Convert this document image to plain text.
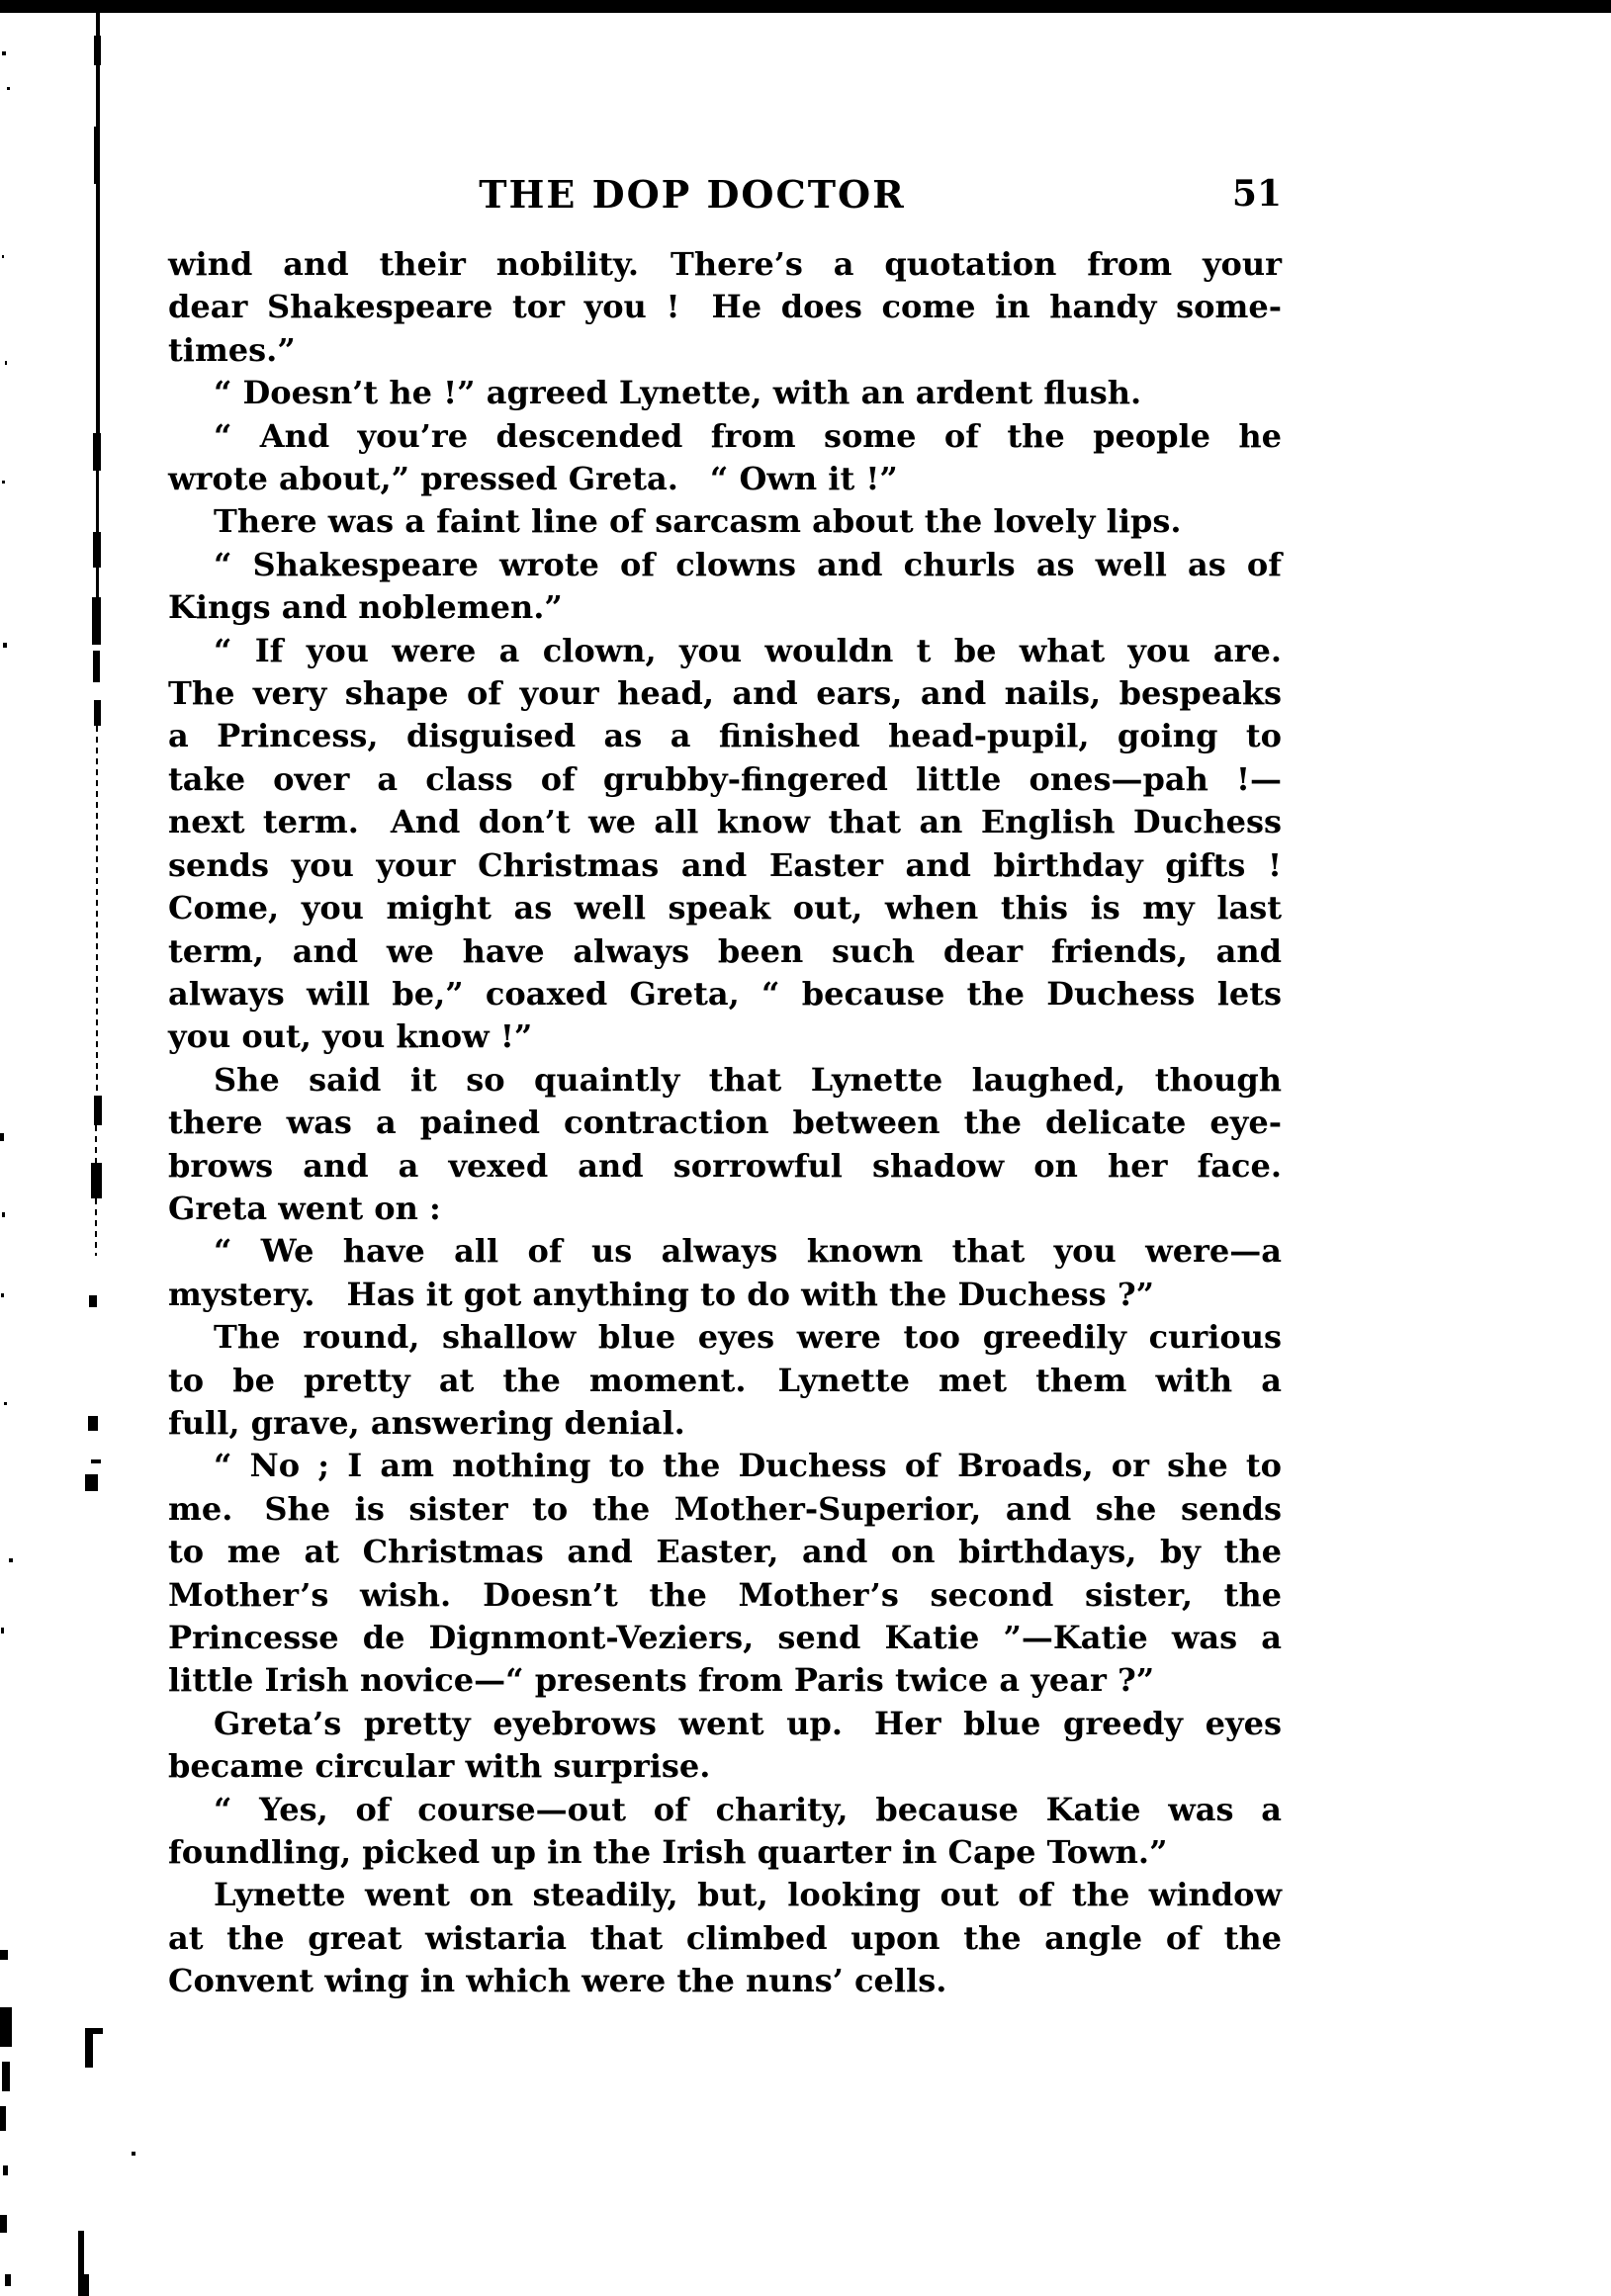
THE DOP DOCTOR	51
wind and their nobility.  There’s a quotation from your
dear Shakespeare tor you !  He does come in handy some-
times.”
“ Doesn’t he !” agreed Lynette, with an ardent flush.
“ And you’re descended from some of the people he
wrote about,” pressed Greta.  “ Own it !”
There was a faint line of sarcasm about the lovely lips.
“ Shakespeare wrote of clowns and churls as well as of
Kings and noblemen.”
“ If you were a clown, you wouldn t be what you are.
The very shape of your head, and ears, and nails, bespeaks
a Princess, disguised as a finished head-pupil, going to
take over a class of grubby-fingered little ones—pah !—
next term.  And don’t we all know that an English Duchess
sends you your Christmas and Easter and birthday gifts !
Come, you might as well speak out, when this is my last
term, and we have always been such dear friends, and
always will be,” coaxed Greta, “ because the Duchess lets
you out, you know !”
She said it so quaintly that Lynette laughed, though
there was a pained contraction between the delicate eye-
brows and a vexed and sorrowful shadow on her face.
Greta went on :
“ We have all of us always known that you were—a
mystery.  Has it got anything to do with the Duchess ?”
The round, shallow blue eyes were too greedily curious
to be pretty at the moment.  Lynette met them with a
full, grave, answering denial.
“ No ; I am nothing to the Duchess of Broads, or she to
me.  She is sister to the Mother-Superior, and she sends
to me at Christmas and Easter, and on birthdays, by the
Mother’s wish.  Doesn’t the Mother’s second sister, the
Princesse de Dignmont-Veziers, send Katie ”—Katie was a
little Irish novice—“ presents from Paris twice a year ?”
Greta’s pretty eyebrows went up.  Her blue greedy eyes
became circular with surprise.
“ Yes, of course—out of charity, because Katie was a
foundling, picked up in the Irish quarter in Cape Town.”
Lynette went on steadily, but, looking out of the window
at the great wistaria that climbed upon the angle of the
Convent wing in which were the nuns’ cells.
